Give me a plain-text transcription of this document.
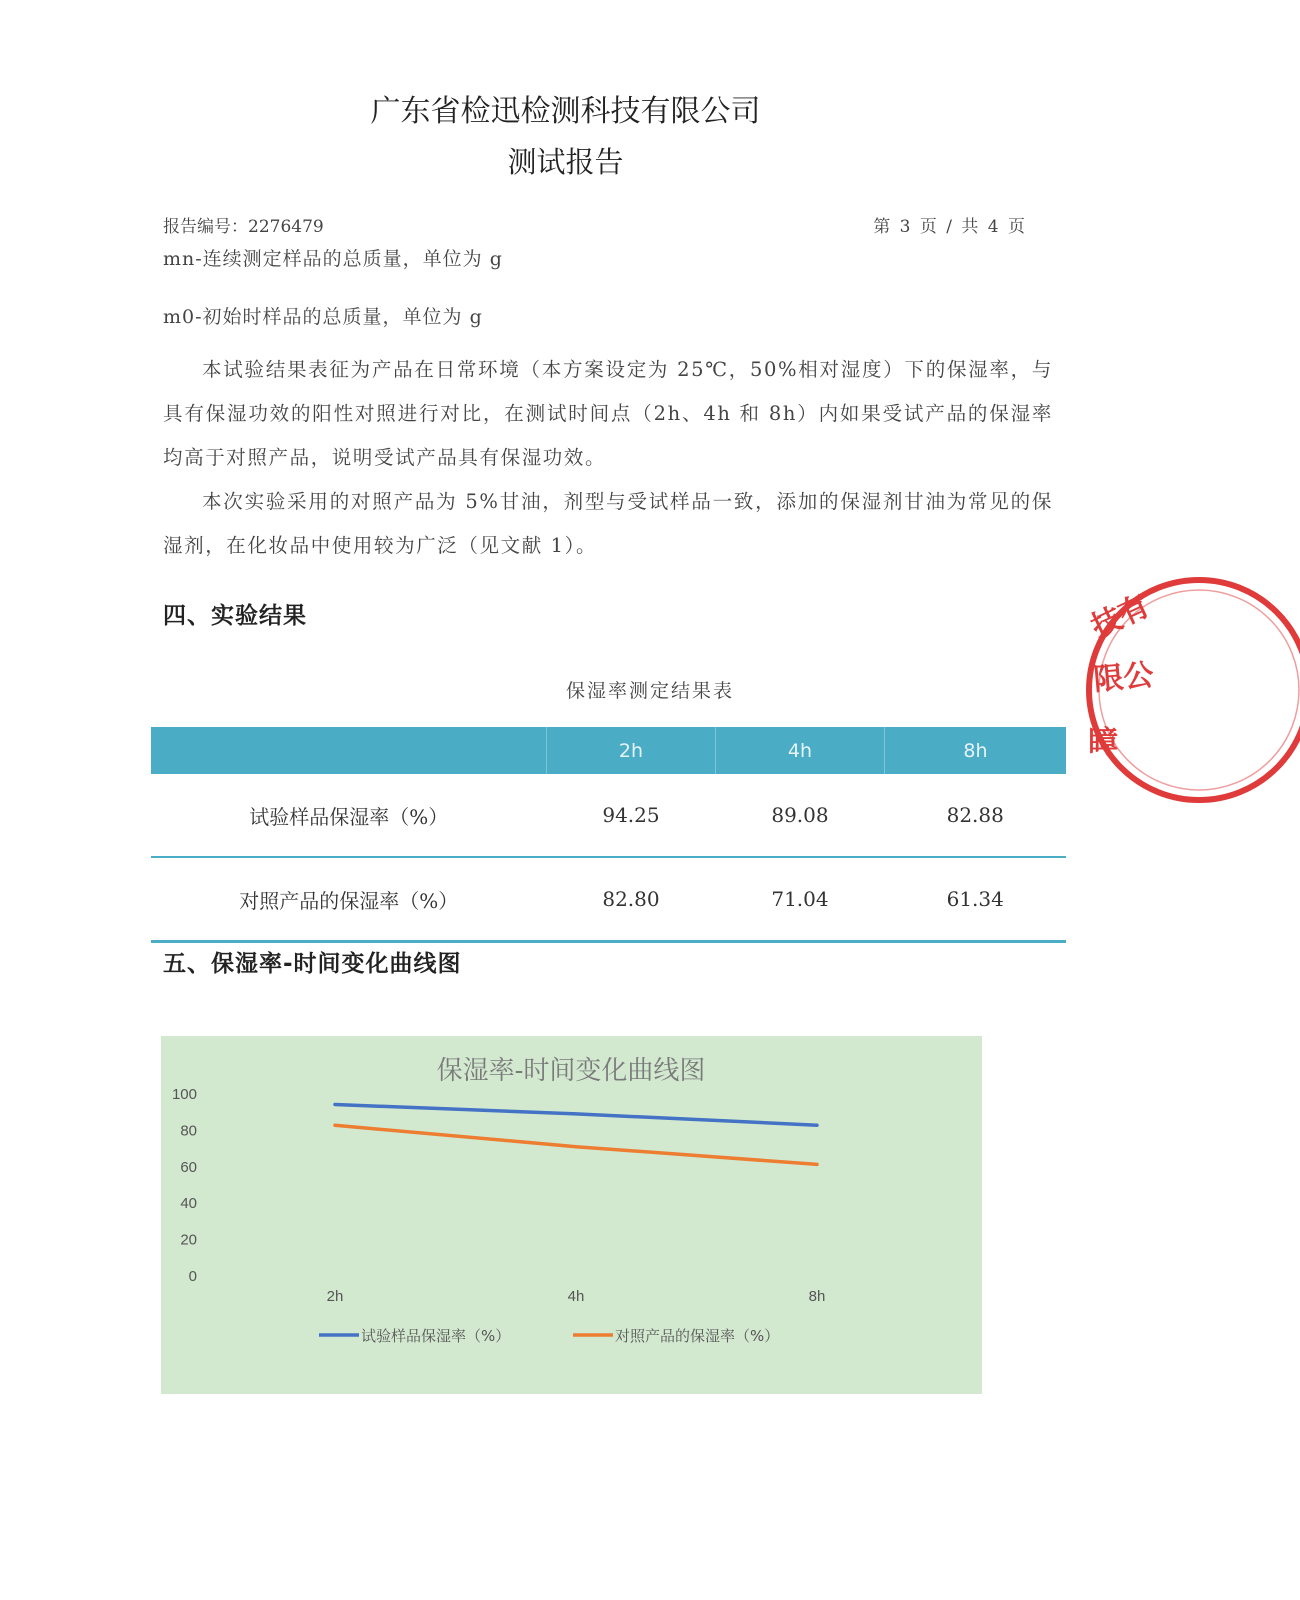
广东省检迅检测科技有限公司
测试报告
报告编号：2276479	第 3 页 / 共 4 页
mn-连续测定样品的总质量，单位为 g
m0-初始时样品的总质量，单位为 g
本试验结果表征为产品在日常环境（本方案设定为 25℃，50%相对湿度）下的保湿率，与具有保湿功效的阳性对照进行对比，在测试时间点（2h、4h 和 8h）内如果受试产品的保湿率均高于对照产品，说明受试产品具有保湿功效。
本次实验采用的对照产品为 5%甘油，剂型与受试样品一致，添加的保湿剂甘油为常见的保湿剂，在化妆品中使用较为广泛（见文献 1）。
四、实验结果
保湿率测定结果表
	2h	4h	8h
试验样品保湿率（%）	94.25	89.08	82.88
对照产品的保湿率（%）	82.80	71.04	61.34
五、保湿率-时间变化曲线图
保湿率-时间变化曲线图
100
80
60
40
20
0
2h	4h	8h
试验样品保湿率（%）	对照产品的保湿率（%）
技有
限公
瞕
